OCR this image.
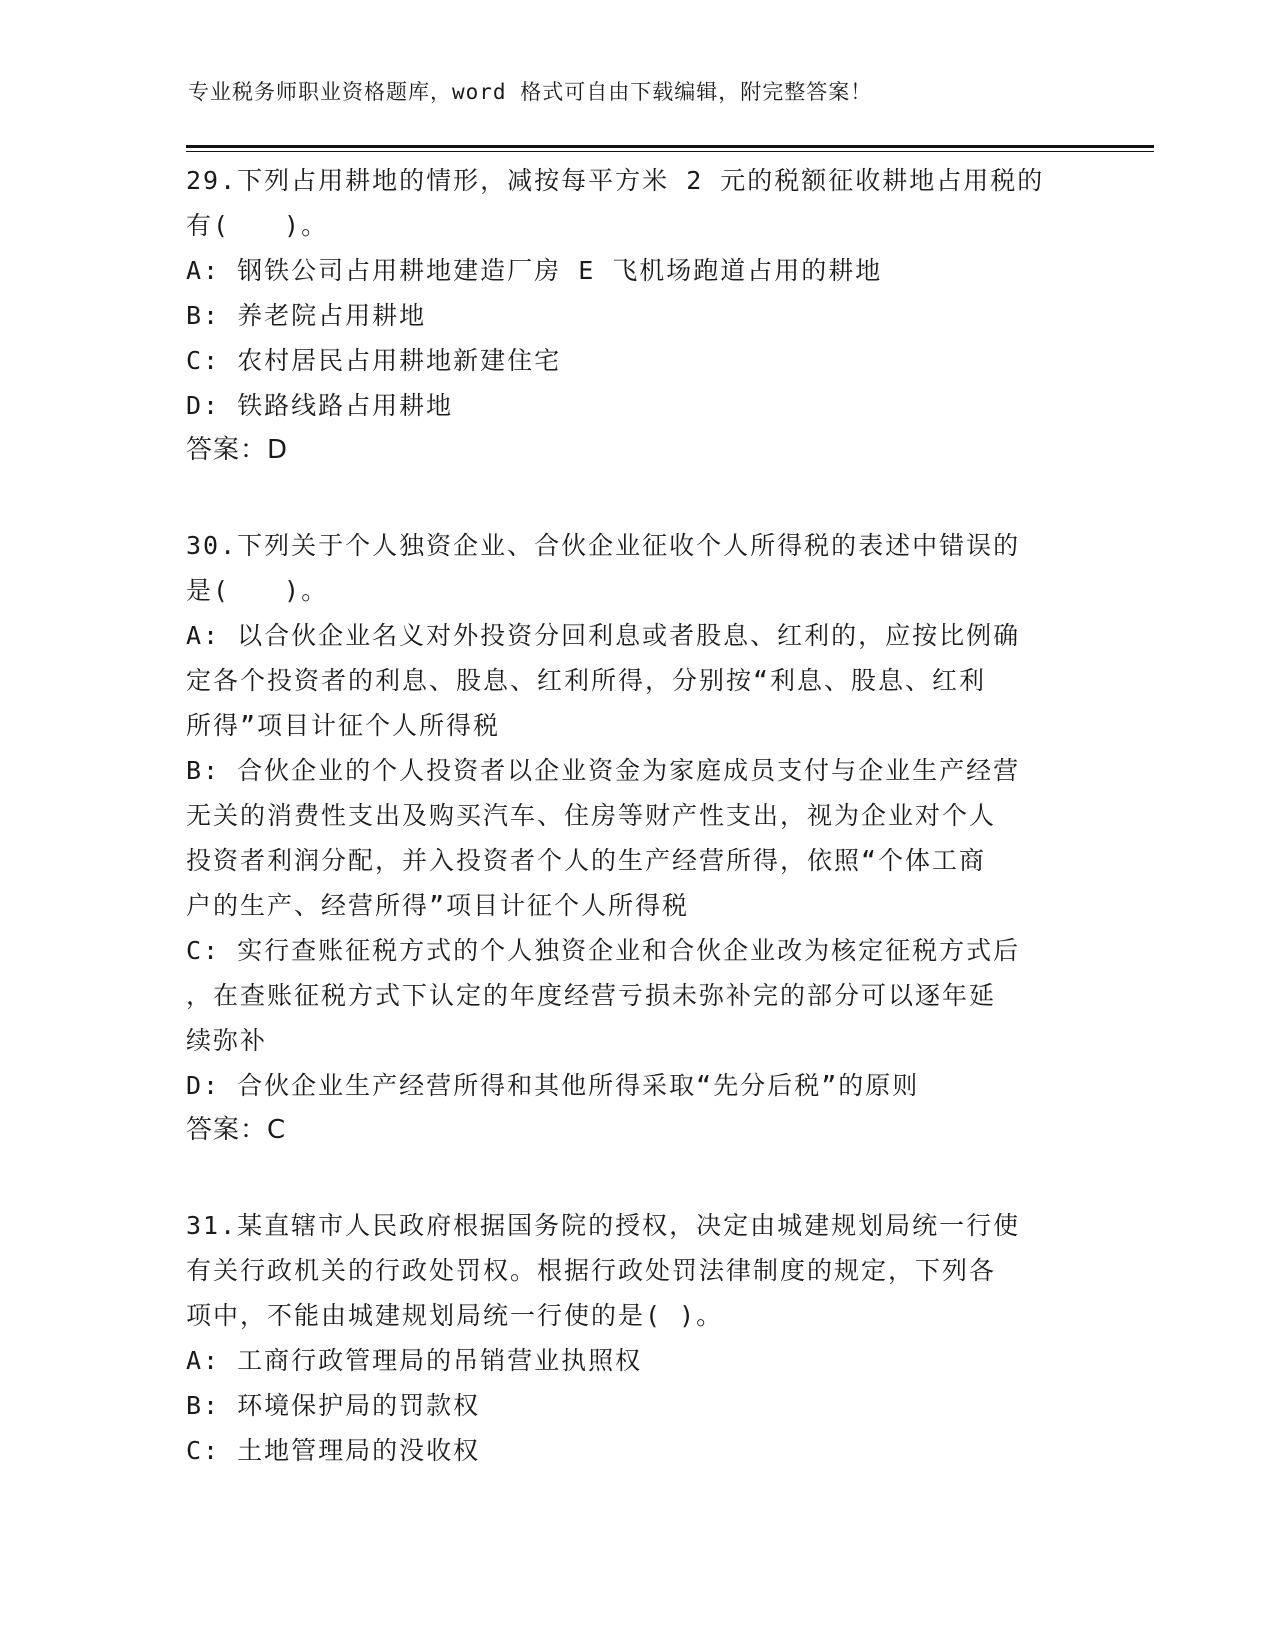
专业税务师职业资格题库，word 格式可自由下载编辑，附完整答案！
29.下列占用耕地的情形，减按每平方米 2 元的税额征收耕地占用税的
有(　　)。
A: 钢铁公司占用耕地建造厂房 E 飞机场跑道占用的耕地
B: 养老院占用耕地
C: 农村居民占用耕地新建住宅
D: 铁路线路占用耕地
答案：D
30.下列关于个人独资企业、合伙企业征收个人所得税的表述中错误的
是(　　)。
A: 以合伙企业名义对外投资分回利息或者股息、红利的，应按比例确
定各个投资者的利息、股息、红利所得，分别按“利息、股息、红利
所得”项目计征个人所得税
B: 合伙企业的个人投资者以企业资金为家庭成员支付与企业生产经营
无关的消费性支出及购买汽车、住房等财产性支出，视为企业对个人
投资者利润分配，并入投资者个人的生产经营所得，依照“个体工商
户的生产、经营所得”项目计征个人所得税
C: 实行查账征税方式的个人独资企业和合伙企业改为核定征税方式后
，在查账征税方式下认定的年度经营亏损未弥补完的部分可以逐年延
续弥补
D: 合伙企业生产经营所得和其他所得采取“先分后税”的原则
答案：C
31.某直辖市人民政府根据国务院的授权，决定由城建规划局统一行使
有关行政机关的行政处罚权。根据行政处罚法律制度的规定，下列各
项中，不能由城建规划局统一行使的是( )。
A: 工商行政管理局的吊销营业执照权
B: 环境保护局的罚款权
C: 土地管理局的没收权
